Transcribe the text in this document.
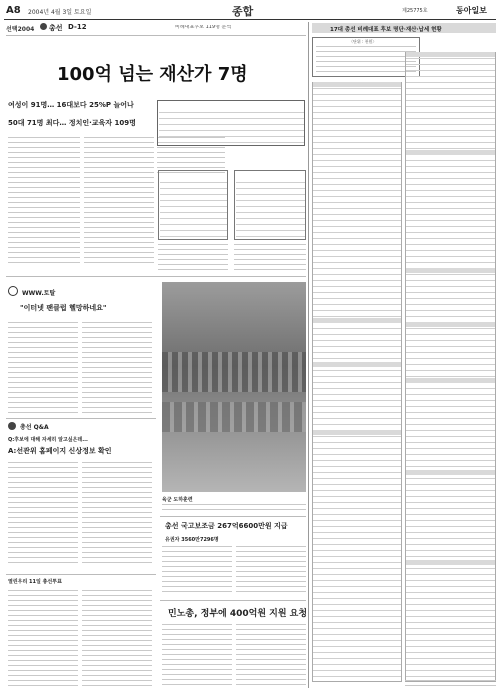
A8 2004년 4월 3일 토요일	종합	제25775호	동아일보
선택2004 총선 D-12	비례대표후보 119명 분석
100억 넘는 재산가 7명
여성이 91명… 16대보다 25%P 늘어나
50대 71명 최다… 정치인·교육자 109명
WWW.토탈
"이터넷 팬클럽 헬망하네요"
총선 Q&A
Q:후보에 대해 자세히 알고싶은데...
A:선관위 홈페이지 신상정보 확인
열린우리 11일 총선투표
육군 도하훈련
총선 국고보조금 267억6600만원 지급
유권자 3560만7296명
민노총, 정부에 400억원 지원 요청
17대 총선 비례대표 후보 명단·재산·납세 현황
〈단위 : 천원〉
